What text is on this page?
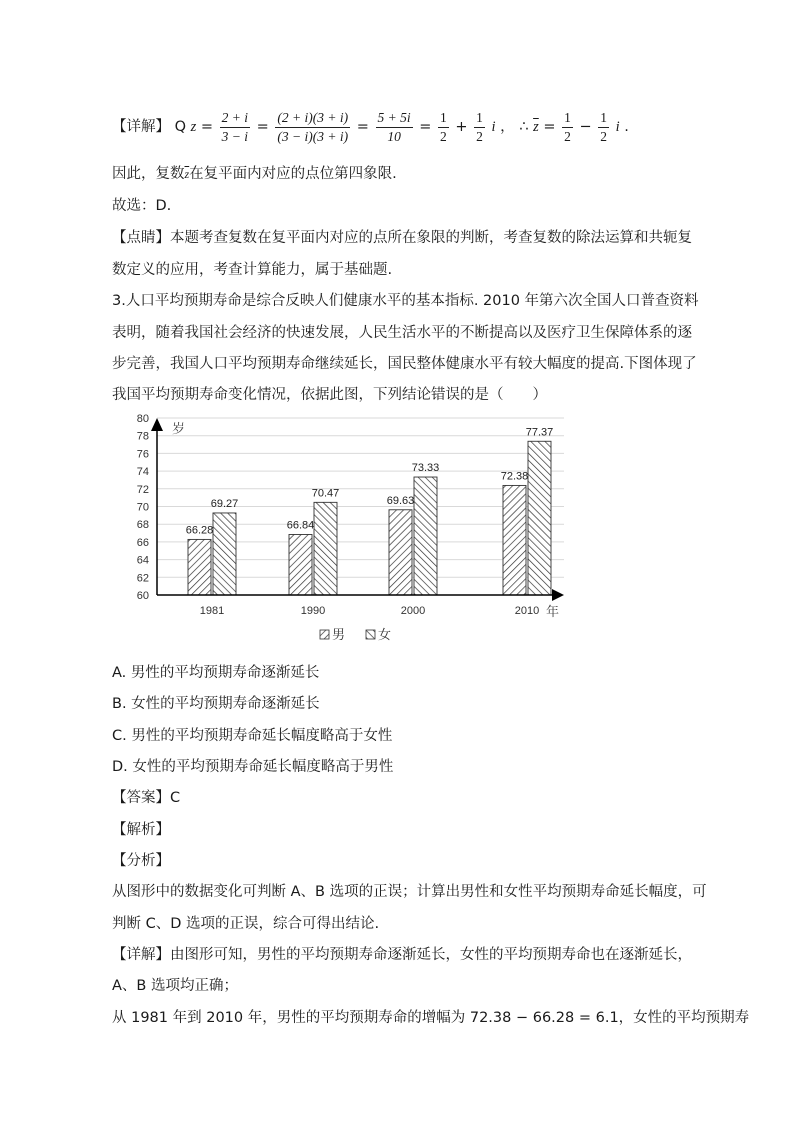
【详解】 Q $z = \frac{2 + i}{3 - i} = \frac{(2 + i)(3 + i)}{(3 - i)(3 + i)} = \frac{5 + 5i}{10} = \frac{1}{2} + \frac{1}{2}$ i ， ∴ $\overline{z} = \frac{1}{2} - \frac{1}{2}$ i .
因此，复数$\overline{z}$在复平面内对应的点位第四象限.
故选：D.
【点睛】本题考查复数在复平面内对应的点所在象限的判断，考查复数的除法运算和共轭复
数定义的应用，考查计算能力，属于基础题.
3.人口平均预期寿命是综合反映人们健康水平的基本指标. 2010 年第六次全国人口普查资料
表明，随着我国社会经济的快速发展，人民生活水平的不断提高以及医疗卫生保障体系的逐
步完善，我国人口平均预期寿命继续延长，国民整体健康水平有较大幅度的提高.下图体现了
我国平均预期寿命变化情况，依据此图，下列结论错误的是（　　）
60
62
64
66
68
70
72
74
76
78
80
66.28
69.27
66.84
70.47
69.63
73.33
72.38
77.37
1981	1990	2000	2010
岁
年
男	女
A. 男性的平均预期寿命逐渐延长
B. 女性的平均预期寿命逐渐延长
C. 男性的平均预期寿命延长幅度略高于女性
D. 女性的平均预期寿命延长幅度略高于男性
【答案】C
【解析】
【分析】
从图形中的数据变化可判断 A、B 选项的正误；计算出男性和女性平均预期寿命延长幅度，可
判断 C、D 选项的正误，综合可得出结论.
【详解】由图形可知，男性的平均预期寿命逐渐延长，女性的平均预期寿命也在逐渐延长，
A、B 选项均正确；
从 1981 年到 2010 年，男性的平均预期寿命的增幅为 72.38 − 66.28 = 6.1，女性的平均预期寿
